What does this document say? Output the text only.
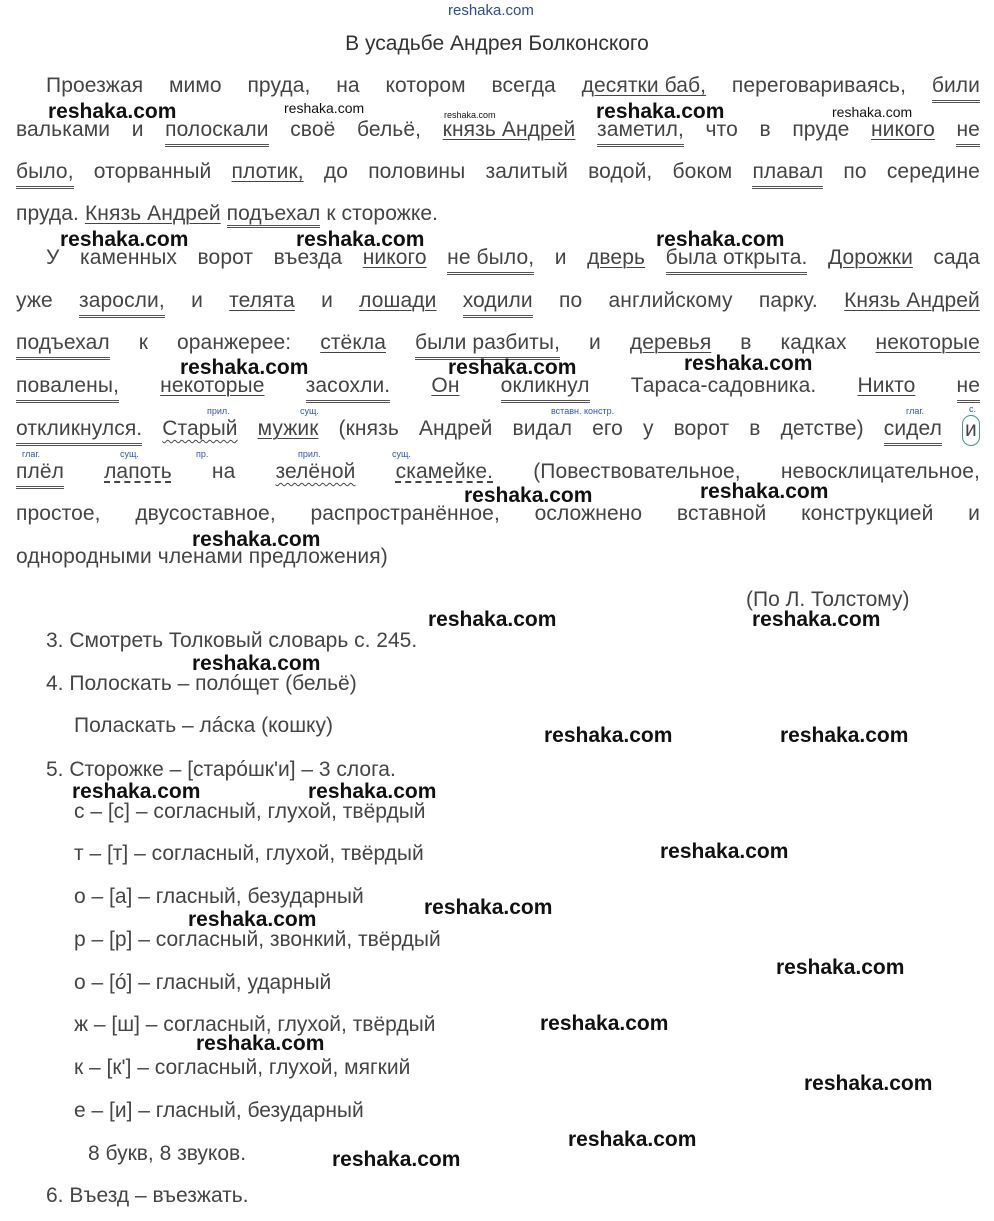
reshaka.com
В усадьбе Андрея Болконского
Проезжая мимо пруда, на котором всегда десятки баб, переговариваясь, били
вальками и полоскали своё бельё, князь Андрей заметил, что в пруде никого не
было, оторванный плотик, до половины залитый водой, боком плавал по середине
пруда. Князь Андрей подъехал к сторожке.
У каменных ворот въезда никого не было, и дверь была открыта. Дорожки сада
уже заросли, и телята и лошади ходили по английскому парку. Князь Андрей
подъехал к оранжерее: стёкла были разбиты, и деревья в кадках некоторые
повалены, некоторые засохли. Он окликнул Тараса-садовника. Никто не
откликнулся. Старый мужик (князь Андрей видал его у ворот в детстве) сидел и
плёл лапоть на зелёной скамейке. (Повествовательное, невосклицательное,
простое, двусоставное, распространённое, осложнено вставной конструкцией и
однородными членами предложения)
прил.	сущ.	вставн. констр.	глаг.	с.
глаг.	сущ.	пр.	прил.	сущ.
(По Л. Толстому)
3. Смотреть Толковый словарь с. 245.
4. Полоскать – полóщет (бельё)
Поласкать – лáска (кошку)
5. Сторожке – [старóшк'и] – 3 слога.
с – [с] – согласный, глухой, твёрдый
т – [т] – согласный, глухой, твёрдый
о – [а] – гласный, безударный
р – [р] – согласный, звонкий, твёрдый
о – [ó] – гласный, ударный
ж – [ш] – согласный, глухой, твёрдый
к – [к'] – согласный, глухой, мягкий
е – [и] – гласный, безударный
8 букв, 8 звуков.
6. Въезд – въезжать.
reshaka.com	reshaka.com	reshaka.com	reshaka.com	reshaka.com
reshaka.com	reshaka.com	reshaka.com
reshaka.com	reshaka.com	reshaka.com
reshaka.com	reshaka.com
reshaka.com
reshaka.com	reshaka.com
reshaka.com
reshaka.com	reshaka.com
reshaka.com	reshaka.com
reshaka.com
reshaka.com
reshaka.com
reshaka.com
reshaka.com
reshaka.com
reshaka.com
reshaka.com
reshaka.com
